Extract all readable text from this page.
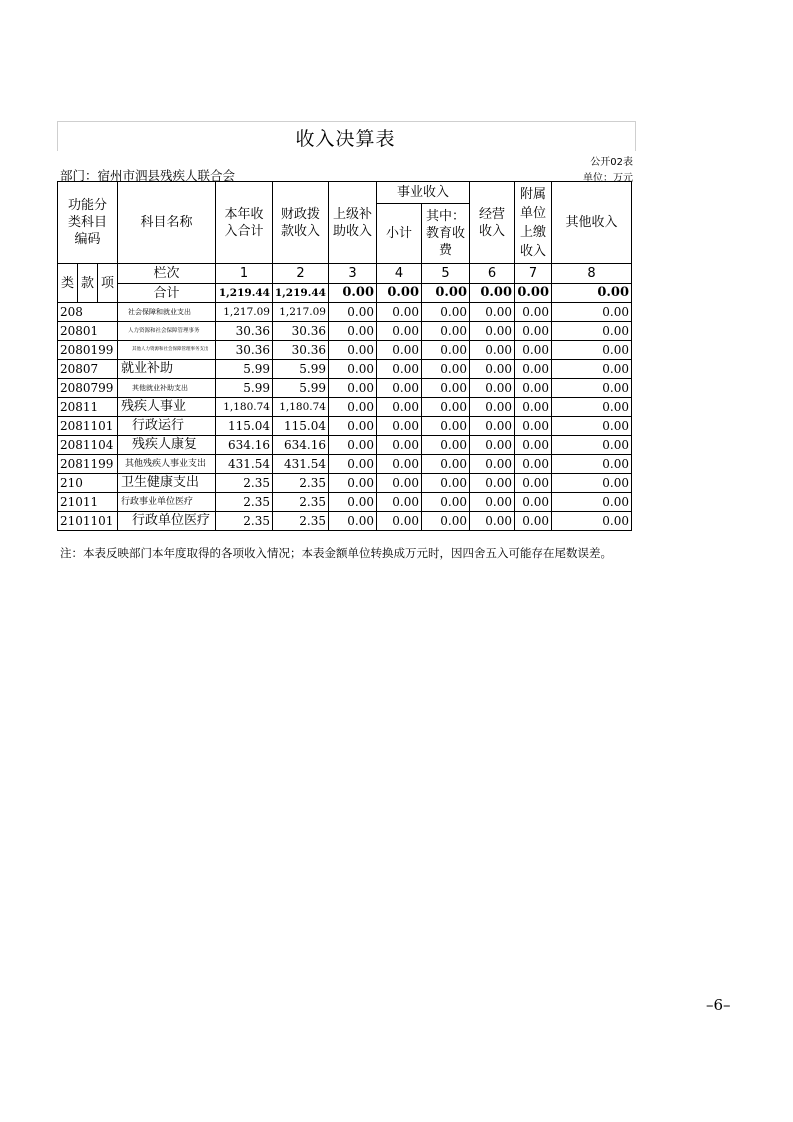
收入决算表
公开02表
部门：宿州市泗县残疾人联合会	单位：万元
功能分类科目编码			科目名称	本年收入合计	财政拨款收入	上级补助收入	事业收入		经营收入	附属单位上缴收入	其他收入
							小计	其中：教育收费			

类	款	项	栏次	1	2	3	4	5	6	7	8
			合计	1,219.44	1,219.44	0.00	0.00	0.00	0.00	0.00	0.00
208			社会保障和就业支出	1,217.09	1,217.09	0.00	0.00	0.00	0.00	0.00	0.00
20801			人力资源和社会保障管理事务	30.36	30.36	0.00	0.00	0.00	0.00	0.00	0.00
2080199			其他人力资源和社会保障管理事务支出	30.36	30.36	0.00	0.00	0.00	0.00	0.00	0.00
20807			就业补助	5.99	5.99	0.00	0.00	0.00	0.00	0.00	0.00
2080799			其他就业补助支出	5.99	5.99	0.00	0.00	0.00	0.00	0.00	0.00
20811			残疾人事业	1,180.74	1,180.74	0.00	0.00	0.00	0.00	0.00	0.00
2081101			行政运行	115.04	115.04	0.00	0.00	0.00	0.00	0.00	0.00
2081104			残疾人康复	634.16	634.16	0.00	0.00	0.00	0.00	0.00	0.00
2081199			其他残疾人事业支出	431.54	431.54	0.00	0.00	0.00	0.00	0.00	0.00
210			卫生健康支出	2.35	2.35	0.00	0.00	0.00	0.00	0.00	0.00
21011			行政事业单位医疗	2.35	2.35	0.00	0.00	0.00	0.00	0.00	0.00
2101101			行政单位医疗	2.35	2.35	0.00	0.00	0.00	0.00	0.00	0.00
注：本表反映部门本年度取得的各项收入情况；本表金额单位转换成万元时，因四舍五入可能存在尾数误差。
–6–
